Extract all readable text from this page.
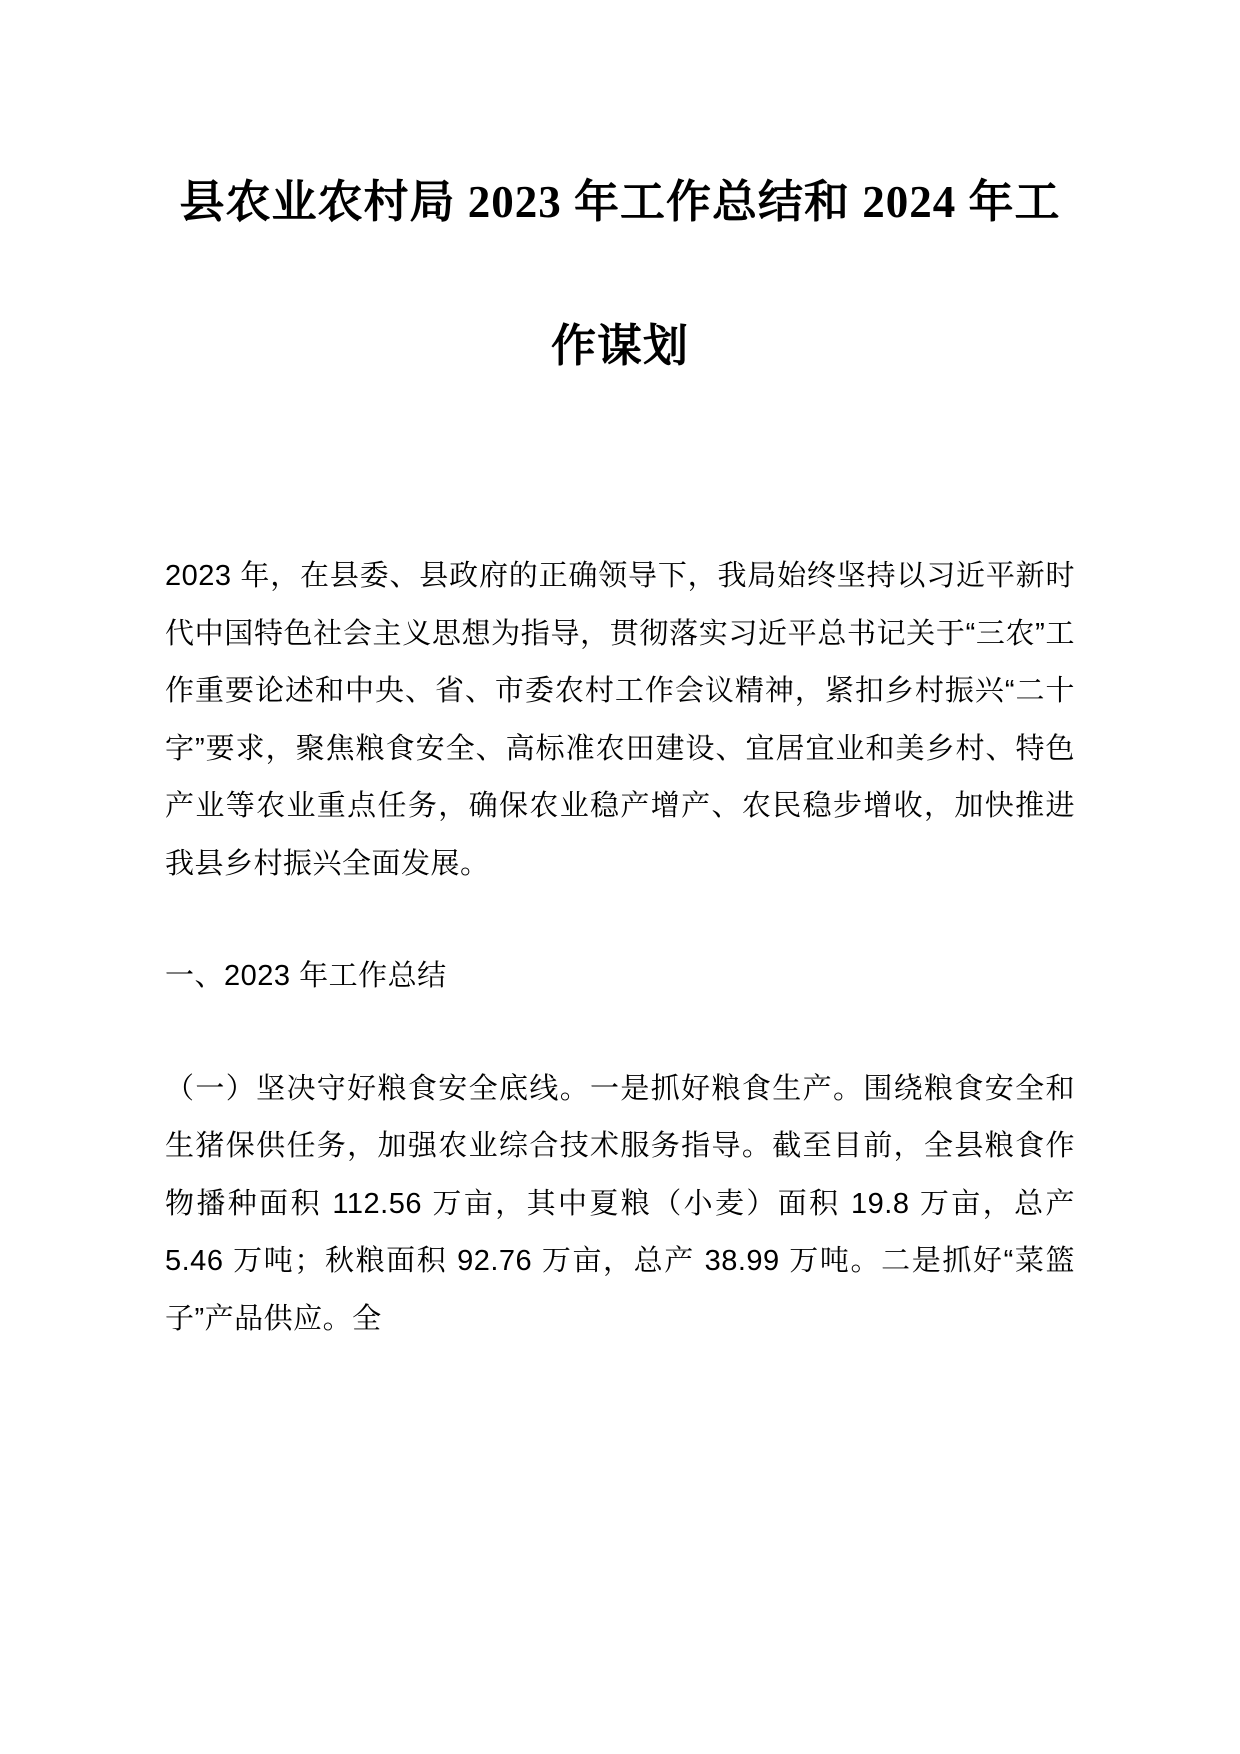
县农业农村局 2023 年工作总结和 2024 年工作谋划

2023 年，在县委、县政府的正确领导下，我局始终坚持以习近平新时代中国特色社会主义思想为指导，贯彻落实习近平总书记关于“三农”工作重要论述和中央、省、市委农村工作会议精神，紧扣乡村振兴“二十字”要求，聚焦粮食安全、高标准农田建设、宜居宜业和美乡村、特色产业等农业重点任务，确保农业稳产增产、农民稳步增收，加快推进我县乡村振兴全面发展。

一、2023 年工作总结

（一）坚决守好粮食安全底线。一是抓好粮食生产。围绕粮食安全和生猪保供任务，加强农业综合技术服务指导。截至目前，全县粮食作物播种面积 112.56 万亩，其中夏粮（小麦）面积 19.8 万亩，总产 5.46 万吨；秋粮面积 92.76 万亩，总产 38.99 万吨。二是抓好“菜篮子”产品供应。全
